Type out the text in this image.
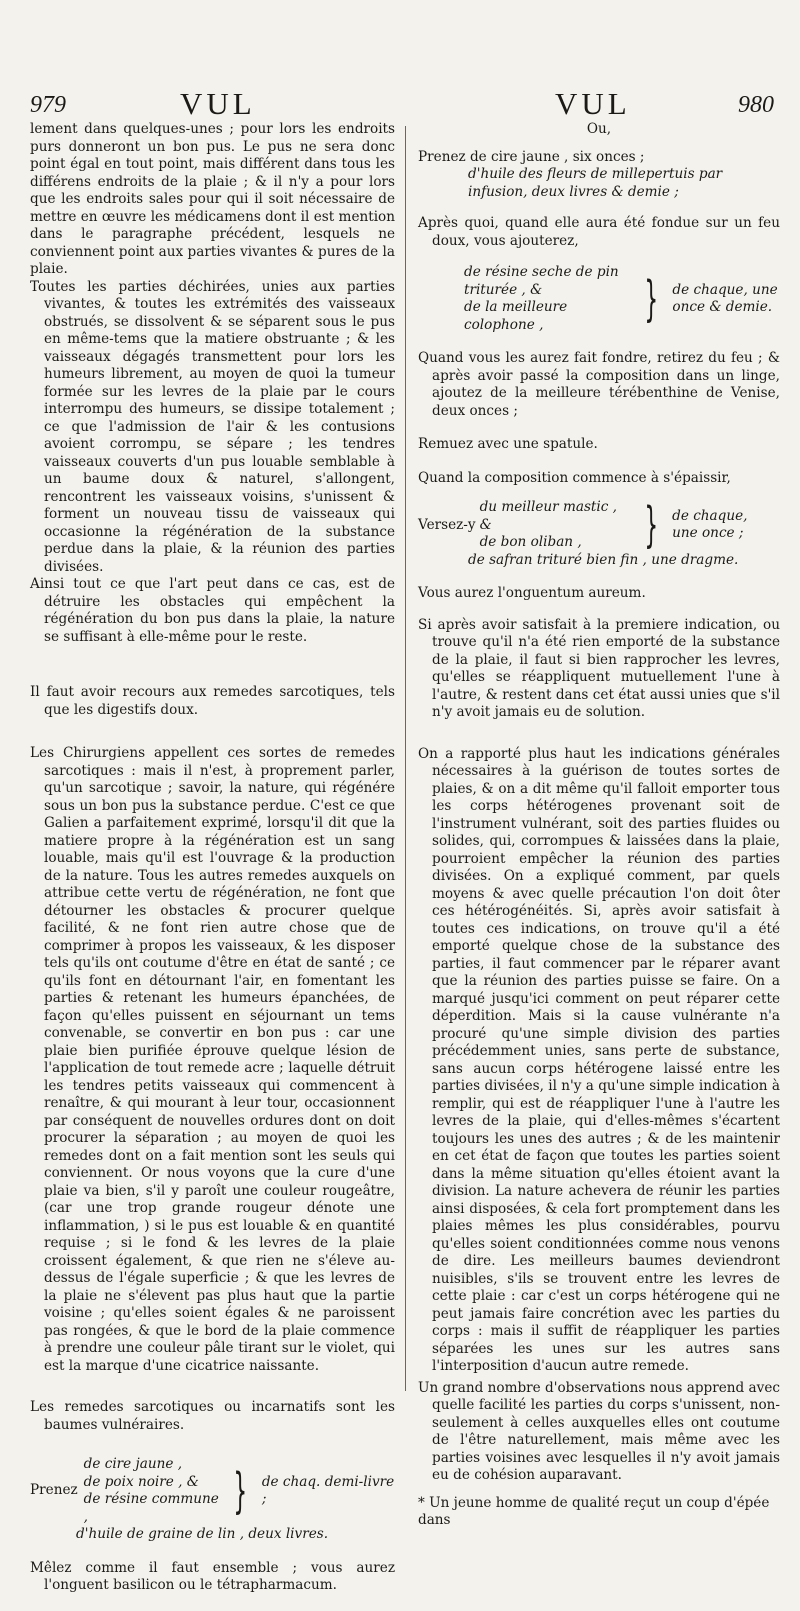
979	VUL	VUL	980

lement dans quelques-unes ; pour lors les endroits purs donneront un bon pus. Le pus ne sera donc point égal en tout point, mais différent dans tous les différens endroits de la plaie ; & il n'y a pour lors que les endroits sales pour qui il soit nécessaire de mettre en œuvre les médicamens dont il est mention dans le paragraphe précédent, lesquels ne conviennent point aux parties vivantes & pures de la plaie.

Toutes les parties déchirées, unies aux parties vivantes, & toutes les extrémités des vaisseaux obstrués, se dissolvent & se séparent sous le pus en même-tems que la matiere obstruante ; & les vaisseaux dégagés transmettent pour lors les humeurs librement, au moyen de quoi la tumeur formée sur les levres de la plaie par le cours interrompu des humeurs, se dissipe totalement ; ce que l'admission de l'air & les contusions avoient corrompu, se sépare ; les tendres vaisseaux couverts d'un pus louable semblable à un baume doux & naturel, s'allongent, rencontrent les vaisseaux voisins, s'unissent & forment un nouveau tissu de vaisseaux qui occasionne la régénération de la substance perdue dans la plaie, & la réunion des parties divisées.

Ainsi tout ce que l'art peut dans ce cas, est de détruire les obstacles qui empêchent la régénération du bon pus dans la plaie, la nature se suffisant à elle-même pour le reste.

Il faut avoir recours aux remedes sarcotiques, tels que les digestifs doux.

Les Chirurgiens appellent ces sortes de remedes sarcotiques : mais il n'est, à proprement parler, qu'un sarcotique ; savoir, la nature, qui régénére sous un bon pus la substance perdue. C'est ce que Galien a parfaitement exprimé, lorsqu'il dit que la matiere propre à la régénération est un sang louable, mais qu'il est l'ouvrage & la production de la nature. Tous les autres remedes auxquels on attribue cette vertu de régénération, ne font que détourner les obstacles & procurer quelque facilité, & ne font rien autre chose que de comprimer à propos les vaisseaux, & les disposer tels qu'ils ont coutume d'être en état de santé ; ce qu'ils font en détournant l'air, en fomentant les parties & retenant les humeurs épanchées, de façon qu'elles puissent en séjournant un tems convenable, se convertir en bon pus : car une plaie bien purifiée éprouve quelque lésion de l'application de tout remede acre ; laquelle détruit les tendres petits vaisseaux qui commencent à renaître, & qui mourant à leur tour, occasionnent par conséquent de nouvelles ordures dont on doit procurer la séparation ; au moyen de quoi les remedes dont on a fait mention sont les seuls qui conviennent. Or nous voyons que la cure d'une plaie va bien, s'il y paroît une couleur rougeâtre, (car une trop grande rougeur dénote une inflammation, ) si le pus est louable & en quantité requise ; si le fond & les levres de la plaie croissent également, & que rien ne s'éleve au-dessus de l'égale superficie ; & que les levres de la plaie ne s'élevent pas plus haut que la partie voisine ; qu'elles soient égales & ne paroissent pas rongées, & que le bord de la plaie commence à prendre une couleur pâle tirant sur le violet, qui est la marque d'une cicatrice naissante.

Les remedes sarcotiques ou incarnatifs sont les baumes vulnéraires.

Prenez
de cire jaune ,
de poix noire , &
de résine commune ,	} de chaq. demi-livre ;
d'huile de graine de lin , deux livres.

Mêlez comme il faut ensemble ; vous aurez l'onguent basilicon ou le tétrapharmacum.

Ou,
Prenez de cire jaune , six onces ;
d'huile des fleurs de millepertuis par infusion, deux livres & demie ;

Après quoi, quand elle aura été fondue sur un feu doux, vous ajouterez,

de résine seche de pin triturée , &
de la meilleure colophone ,	} de chaque, une once & demie.

Quand vous les aurez fait fondre, retirez du feu ; & après avoir passé la composition dans un linge, ajoutez de la meilleure térébenthine de Venise, deux onces ;

Remuez avec une spatule.

Quand la composition commence à s'épaissir,

Versez-y
du meilleur mastic , &
de bon oliban ,	} de chaque, une once ;
de safran trituré bien fin , une dragme.

Vous aurez l'onguentum aureum.

Si après avoir satisfait à la premiere indication, ou trouve qu'il n'a été rien emporté de la substance de la plaie, il faut si bien rapprocher les levres, qu'elles se réappliquent mutuellement l'une à l'autre, & restent dans cet état aussi unies que s'il n'y avoit jamais eu de solution.

On a rapporté plus haut les indications générales nécessaires à la guérison de toutes sortes de plaies, & on a dit même qu'il falloit emporter tous les corps hétérogenes provenant soit de l'instrument vulnérant, soit des parties fluides ou solides, qui, corrompues & laissées dans la plaie, pourroient empêcher la réunion des parties divisées. On a expliqué comment, par quels moyens & avec quelle précaution l'on doit ôter ces hétérogénéités. Si, après avoir satisfait à toutes ces indications, on trouve qu'il a été emporté quelque chose de la substance des parties, il faut commencer par le réparer avant que la réunion des parties puisse se faire. On a marqué jusqu'ici comment on peut réparer cette déperdition. Mais si la cause vulnérante n'a procuré qu'une simple division des parties précédemment unies, sans perte de substance, sans aucun corps hétérogene laissé entre les parties divisées, il n'y a qu'une simple indication à remplir, qui est de réappliquer l'une à l'autre les levres de la plaie, qui d'elles-mêmes s'écartent toujours les unes des autres ; & de les maintenir en cet état de façon que toutes les parties soient dans la même situation qu'elles étoient avant la division. La nature achevera de réunir les parties ainsi disposées, & cela fort promptement dans les plaies mêmes les plus considérables, pourvu qu'elles soient conditionnées comme nous venons de dire. Les meilleurs baumes deviendront nuisibles, s'ils se trouvent entre les levres de cette plaie : car c'est un corps hétérogene qui ne peut jamais faire concrétion avec les parties du corps : mais il suffit de réappliquer les parties séparées les unes sur les autres sans l'interposition d'aucun autre remede.

Un grand nombre d'observations nous apprend avec quelle facilité les parties du corps s'unissent, non-seulement à celles auxquelles elles ont coutume de l'être naturellement, mais même avec les parties voisines avec lesquelles il n'y avoit jamais eu de cohésion auparavant.

* Un jeune homme de qualité reçut un coup d'épée dans
